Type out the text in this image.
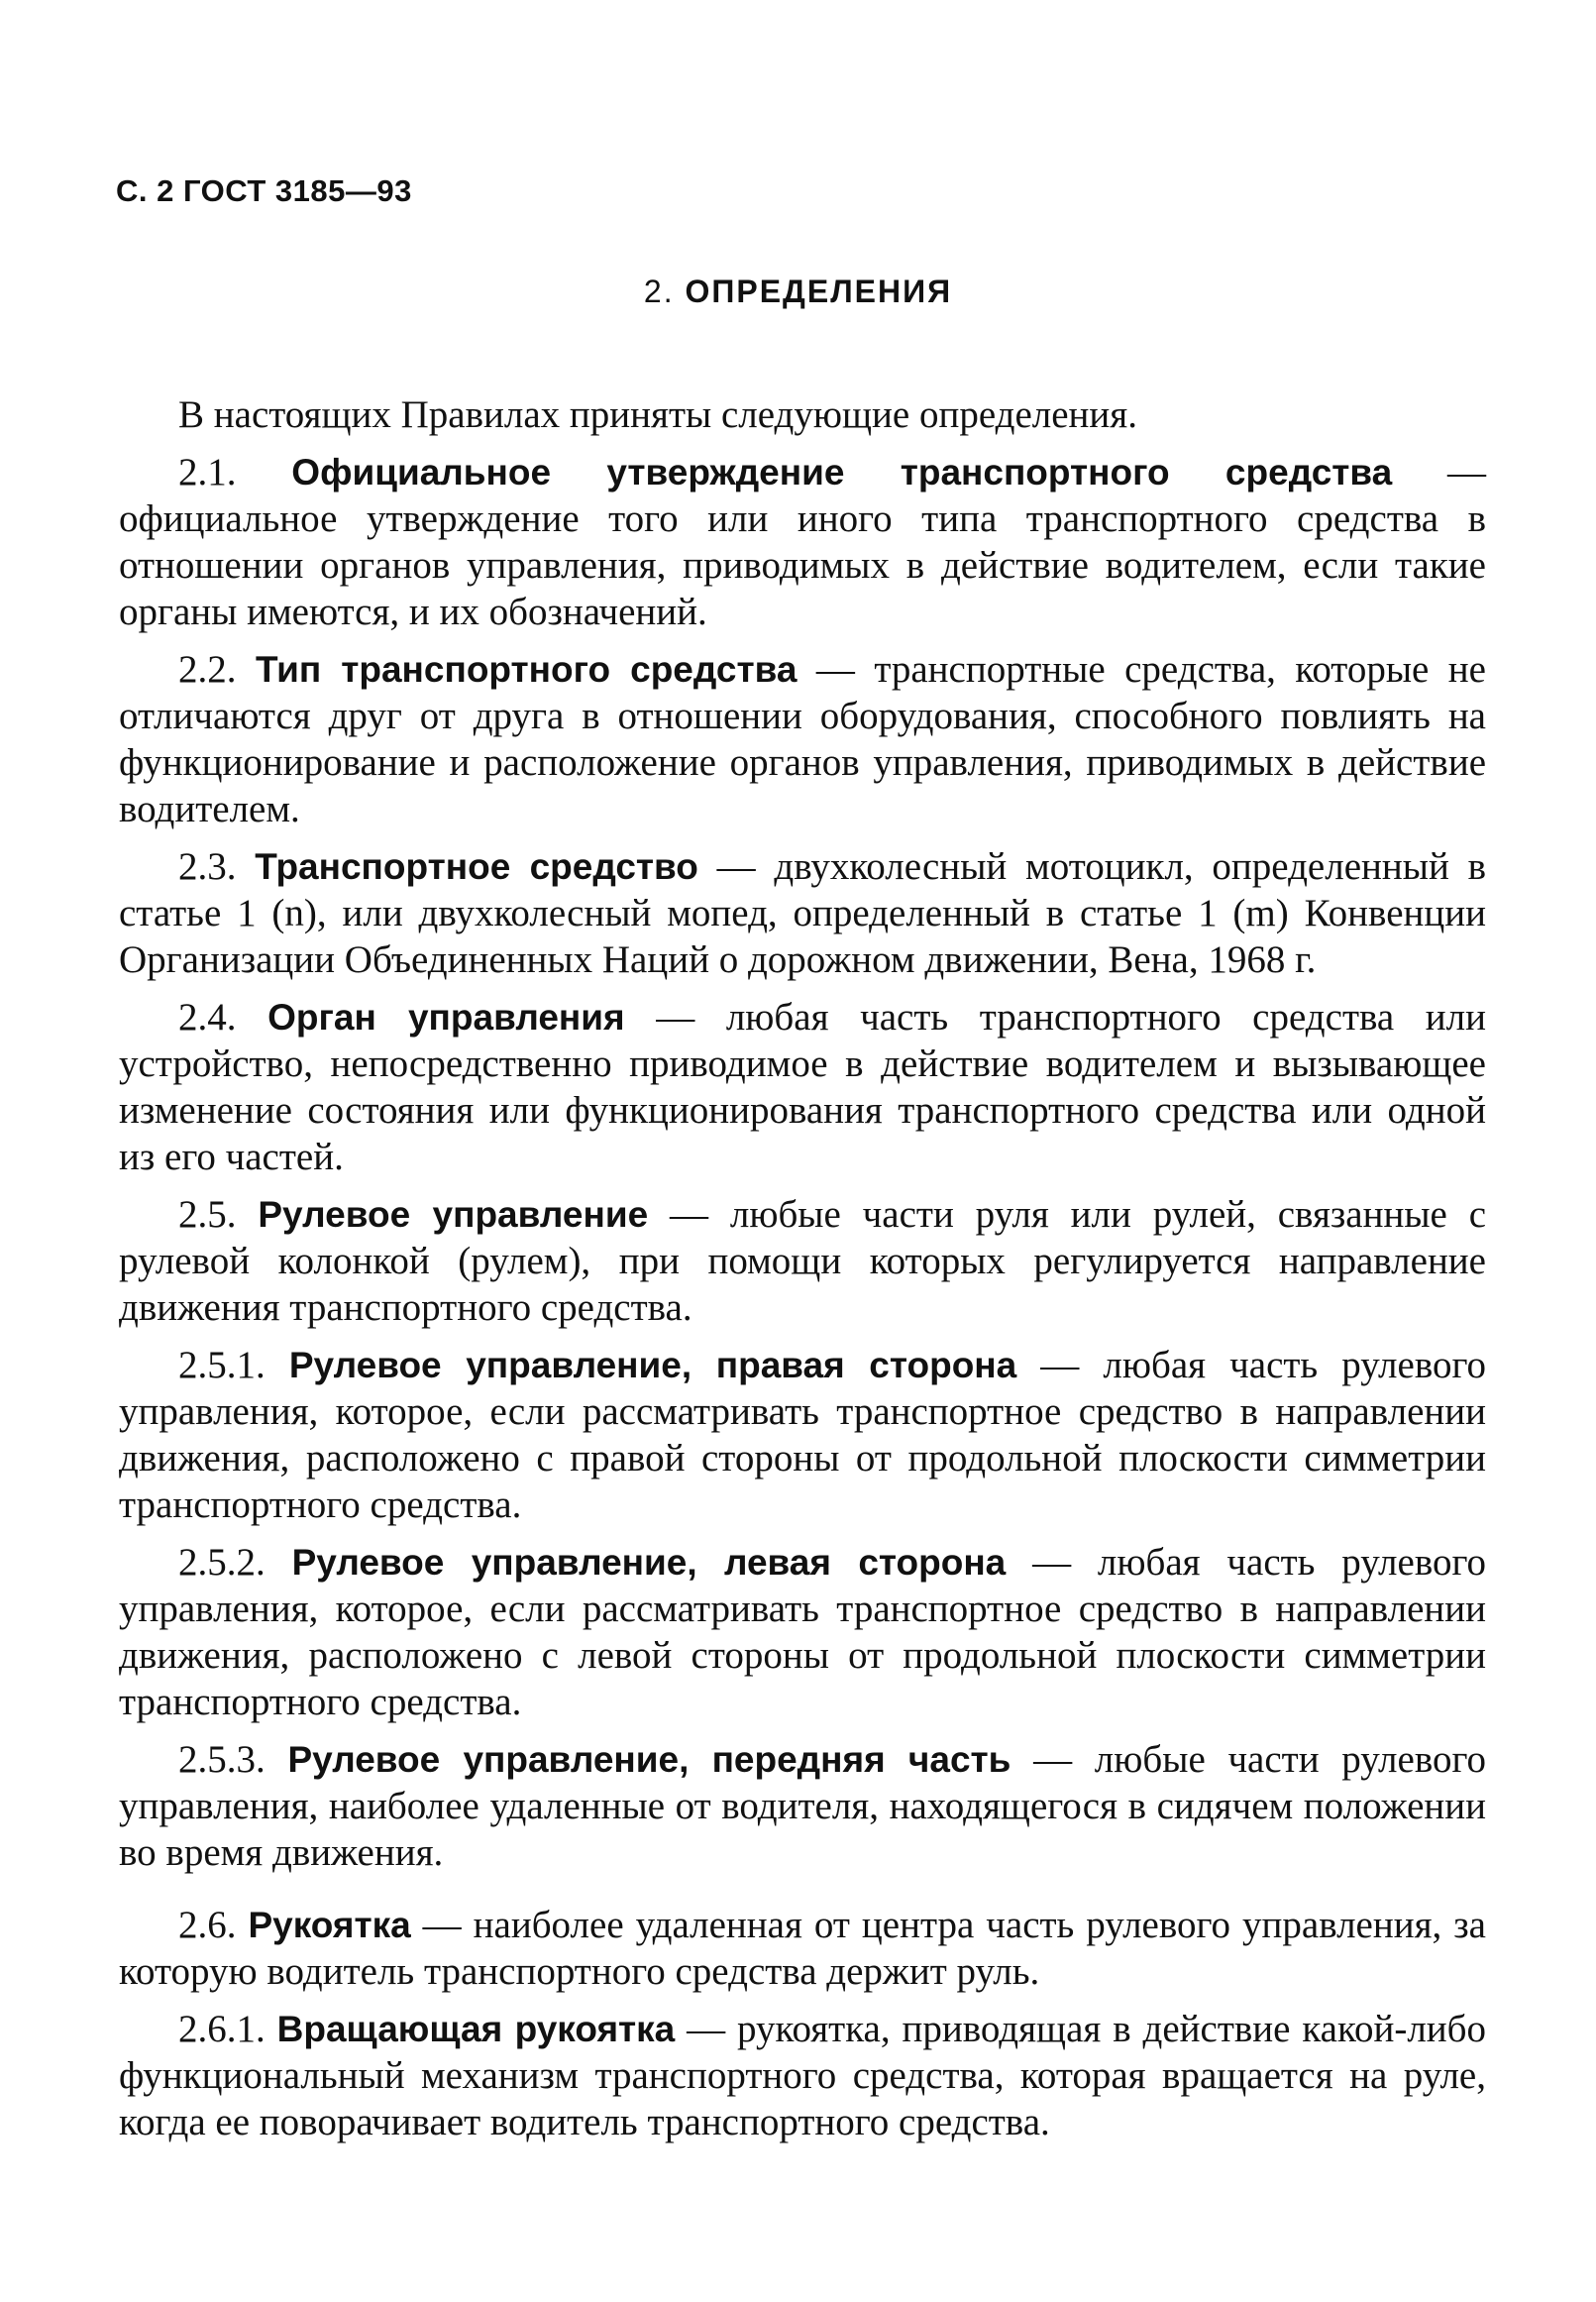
С. 2 ГОСТ 3185—93
2. ОПРЕДЕЛЕНИЯ

В настоящих Правилах приняты следующие определения.

2.1. Официальное утверждение транспортного средства — официальное утверждение того или иного типа транспортного средства в отношении органов управления, приводимых в действие водителем, если такие органы имеются, и их обозначений.

2.2. Тип транспортного средства — транспортные средства, которые не отличаются друг от друга в отношении оборудования, способного повлиять на функционирование и расположение органов управления, приводимых в действие водителем.

2.3. Транспортное средство — двухколесный мотоцикл, определенный в статье 1 (n), или двухколесный мопед, определенный в статье 1 (m) Конвенции Организации Объединенных Наций о дорожном движении, Вена, 1968 г.

2.4. Орган управления — любая часть транспортного средства или устройство, непосредственно приводимое в действие водителем и вызывающее изменение состояния или функционирования транспортного средства или одной из его частей.

2.5. Рулевое управление — любые части руля или рулей, связанные с рулевой колонкой (рулем), при помощи которых регулируется направление движения транспортного средства.

2.5.1. Рулевое управление, правая сторона — любая часть рулевого управления, которое, если рассматривать транспортное средство в направлении движения, расположено с правой стороны от продольной плоскости симметрии транспортного средства.

2.5.2. Рулевое управление, левая сторона — любая часть рулевого управления, которое, если рассматривать транспортное средство в направлении движения, расположено с левой стороны от продольной плоскости симметрии транспортного средства.

2.5.3. Рулевое управление, передняя часть — любые части рулевого управления, наиболее удаленные от водителя, находящегося в сидячем положении во время движения.

2.6. Рукоятка — наиболее удаленная от центра часть рулевого управления, за которую водитель транспортного средства держит руль.

2.6.1. Вращающая рукоятка — рукоятка, приводящая в действие какой-либо функциональный механизм транспортного средства, которая вращается на руле, когда ее поворачивает водитель транспортного средства.
